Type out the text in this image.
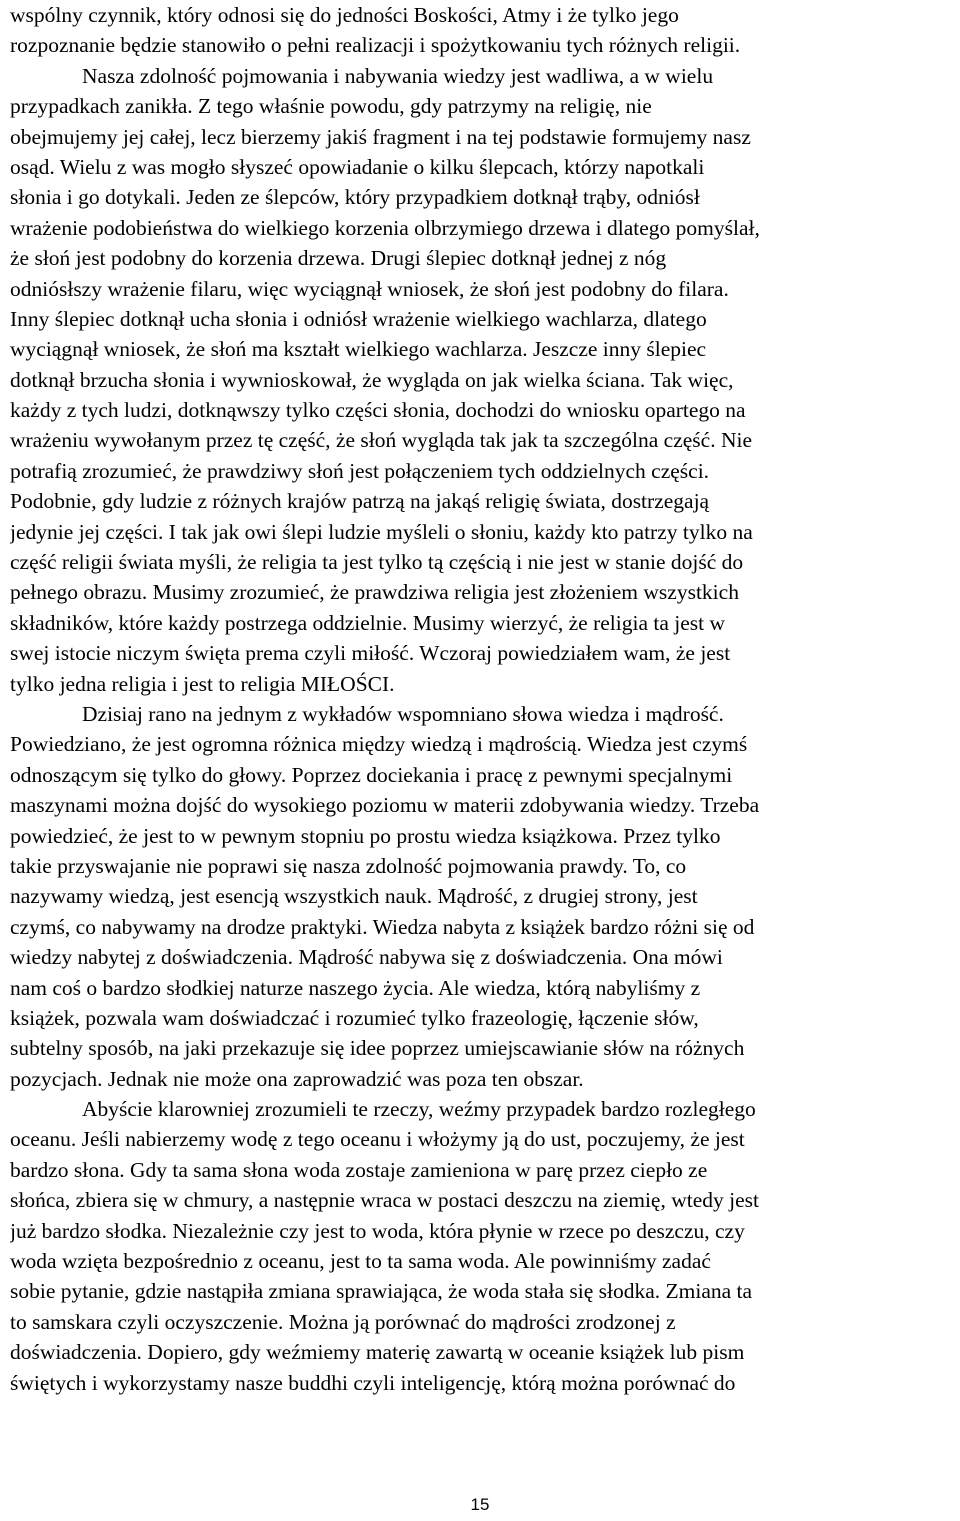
wspólny czynnik, który odnosi się do jedności Boskości, Atmy i że tylko jego
rozpoznanie będzie stanowiło o pełni realizacji i spożytkowaniu tych różnych religii.
Nasza zdolność pojmowania i nabywania wiedzy jest wadliwa, a w wielu
przypadkach zanikła. Z tego właśnie powodu, gdy patrzymy na religię, nie
obejmujemy jej całej, lecz bierzemy jakiś fragment i na tej podstawie formujemy nasz
osąd. Wielu z was mogło słyszeć opowiadanie o kilku ślepcach, którzy napotkali
słonia i go dotykali. Jeden ze ślepców, który przypadkiem dotknął trąby, odniósł
wrażenie podobieństwa do wielkiego korzenia olbrzymiego drzewa i dlatego pomyślał,
że słoń jest podobny do korzenia drzewa. Drugi ślepiec dotknął jednej z nóg
odniósłszy wrażenie filaru, więc wyciągnął wniosek, że słoń jest podobny do filara.
Inny ślepiec dotknął ucha słonia i odniósł wrażenie wielkiego wachlarza, dlatego
wyciągnął wniosek, że słoń ma kształt wielkiego wachlarza. Jeszcze inny ślepiec
dotknął brzucha słonia i wywnioskował, że wygląda on jak wielka ściana. Tak więc,
każdy z tych ludzi, dotknąwszy tylko części słonia, dochodzi do wniosku opartego na
wrażeniu wywołanym przez tę część, że słoń wygląda tak jak ta szczególna część. Nie
potrafią zrozumieć, że prawdziwy słoń jest połączeniem tych oddzielnych części.
Podobnie, gdy ludzie z różnych krajów patrzą na jakąś religię świata, dostrzegają
jedynie jej części. I tak jak owi ślepi ludzie myśleli o słoniu, każdy kto patrzy tylko na
część religii świata myśli, że religia ta jest tylko tą częścią i nie jest w stanie dojść do
pełnego obrazu. Musimy zrozumieć, że prawdziwa religia jest złożeniem wszystkich
składników, które każdy postrzega oddzielnie. Musimy wierzyć, że religia ta jest w
swej istocie niczym święta prema czyli miłość. Wczoraj powiedziałem wam, że jest
tylko jedna religia i jest to religia MIŁOŚCI.
Dzisiaj rano na jednym z wykładów wspomniano słowa wiedza i mądrość.
Powiedziano, że jest ogromna różnica między wiedzą i mądrością. Wiedza jest czymś
odnoszącym się tylko do głowy. Poprzez dociekania i pracę z pewnymi specjalnymi
maszynami można dojść do wysokiego poziomu w materii zdobywania wiedzy. Trzeba
powiedzieć, że jest to w pewnym stopniu po prostu wiedza książkowa. Przez tylko
takie przyswajanie nie poprawi się nasza zdolność pojmowania prawdy. To, co
nazywamy wiedzą, jest esencją wszystkich nauk. Mądrość, z drugiej strony, jest
czymś, co nabywamy na drodze praktyki. Wiedza nabyta z książek bardzo różni się od
wiedzy nabytej z doświadczenia. Mądrość nabywa się z doświadczenia. Ona mówi
nam coś o bardzo słodkiej naturze naszego życia. Ale wiedza, którą nabyliśmy z
książek, pozwala wam doświadczać i rozumieć tylko frazeologię, łączenie słów,
subtelny sposób, na jaki przekazuje się idee poprzez umiejscawianie słów na różnych
pozycjach. Jednak nie może ona zaprowadzić was poza ten obszar.
Abyście klarowniej zrozumieli te rzeczy, weźmy przypadek bardzo rozległego
oceanu. Jeśli nabierzemy wodę z tego oceanu i włożymy ją do ust, poczujemy, że jest
bardzo słona. Gdy ta sama słona woda zostaje zamieniona w parę przez ciepło ze
słońca, zbiera się w chmury, a następnie wraca w postaci deszczu na ziemię, wtedy jest
już bardzo słodka. Niezależnie czy jest to woda, która płynie w rzece po deszczu, czy
woda wzięta bezpośrednio z oceanu, jest to ta sama woda. Ale powinniśmy zadać
sobie pytanie, gdzie nastąpiła zmiana sprawiająca, że woda stała się słodka. Zmiana ta
to samskara czyli oczyszczenie. Można ją porównać do mądrości zrodzonej z
doświadczenia. Dopiero, gdy weźmiemy materię zawartą w oceanie książek lub pism
świętych i wykorzystamy nasze buddhi czyli inteligencję, którą można porównać do
15
